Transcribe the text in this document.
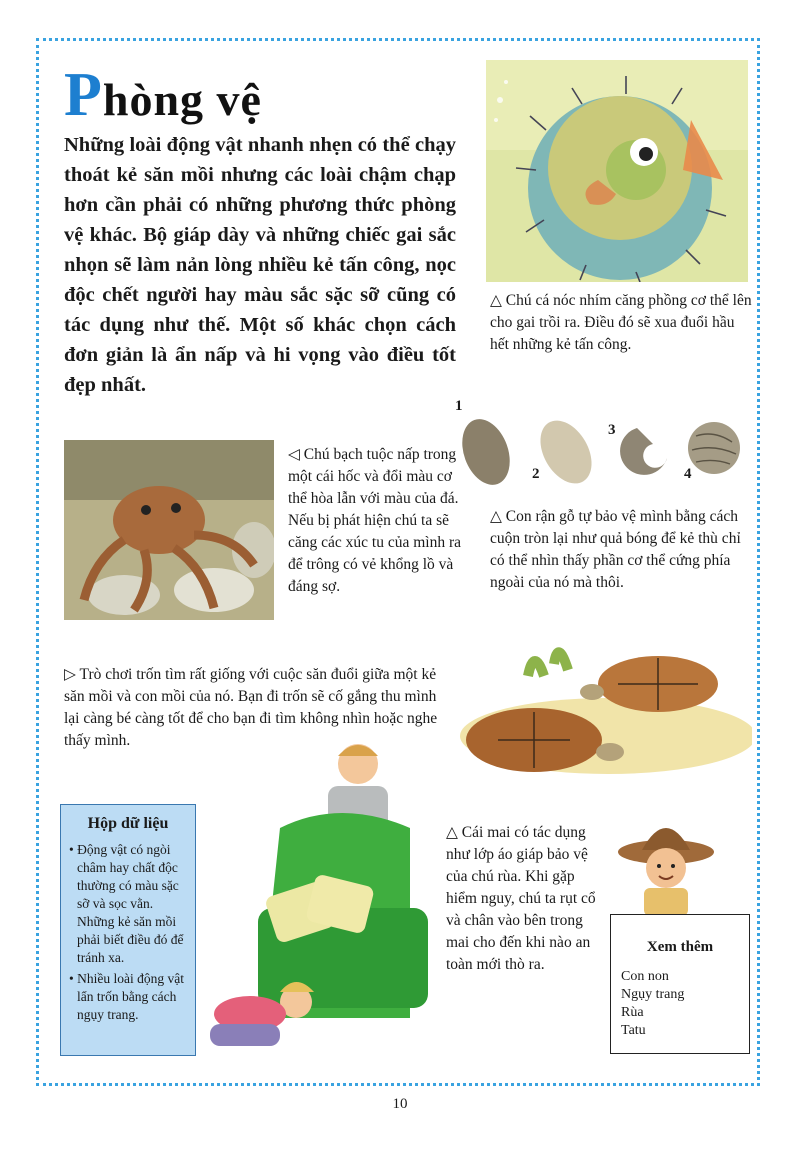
Phòng vệ

Những loài động vật nhanh nhẹn có thể chạy thoát kẻ săn mồi nhưng các loài chậm chạp hơn cần phải có những phương thức phòng vệ khác. Bộ giáp dày và những chiếc gai sắc nhọn sẽ làm nản lòng nhiều kẻ tấn công, nọc độc chết người hay màu sắc sặc sỡ cũng có tác dụng như thế. Một số khác chọn cách đơn giản là ẩn nấp và hi vọng vào điều tốt đẹp nhất.

△ Chú cá nóc nhím căng phồng cơ thể lên cho gai trồi ra. Điều đó sẽ xua đuổi hầu hết những kẻ tấn công.

◁ Chú bạch tuộc nấp trong một cái hốc và đổi màu cơ thể hòa lẫn với màu của đá. Nếu bị phát hiện chú ta sẽ căng các xúc tu của mình ra để trông có vẻ khổng lồ và đáng sợ.

1
2
3
4

△ Con rận gỗ tự bảo vệ mình bằng cách cuộn tròn lại như quả bóng để kẻ thù chỉ có thể nhìn thấy phần cơ thể cứng phía ngoài của nó mà thôi.

▷ Trò chơi trốn tìm rất giống với cuộc săn đuổi giữa một kẻ săn mồi và con mồi của nó. Bạn đi trốn sẽ cố gắng thu mình lại càng bé càng tốt để cho bạn đi tìm không nhìn hoặc nghe thấy mình.

Hộp dữ liệu

• Động vật có ngòi châm hay chất độc thường có màu sặc sỡ và sọc vằn. Những kẻ săn mồi phải biết điều đó để tránh xa.

• Nhiều loài động vật lẩn trốn bằng cách ngụy trang.

△ Cái mai có tác dụng như lớp áo giáp bảo vệ của chú rùa. Khi gặp hiểm nguy, chú ta rụt cổ và chân vào bên trong mai cho đến khi nào an toàn mới thò ra.

Xem thêm

Con non

Ngụy trang

Rùa

Tatu

10
